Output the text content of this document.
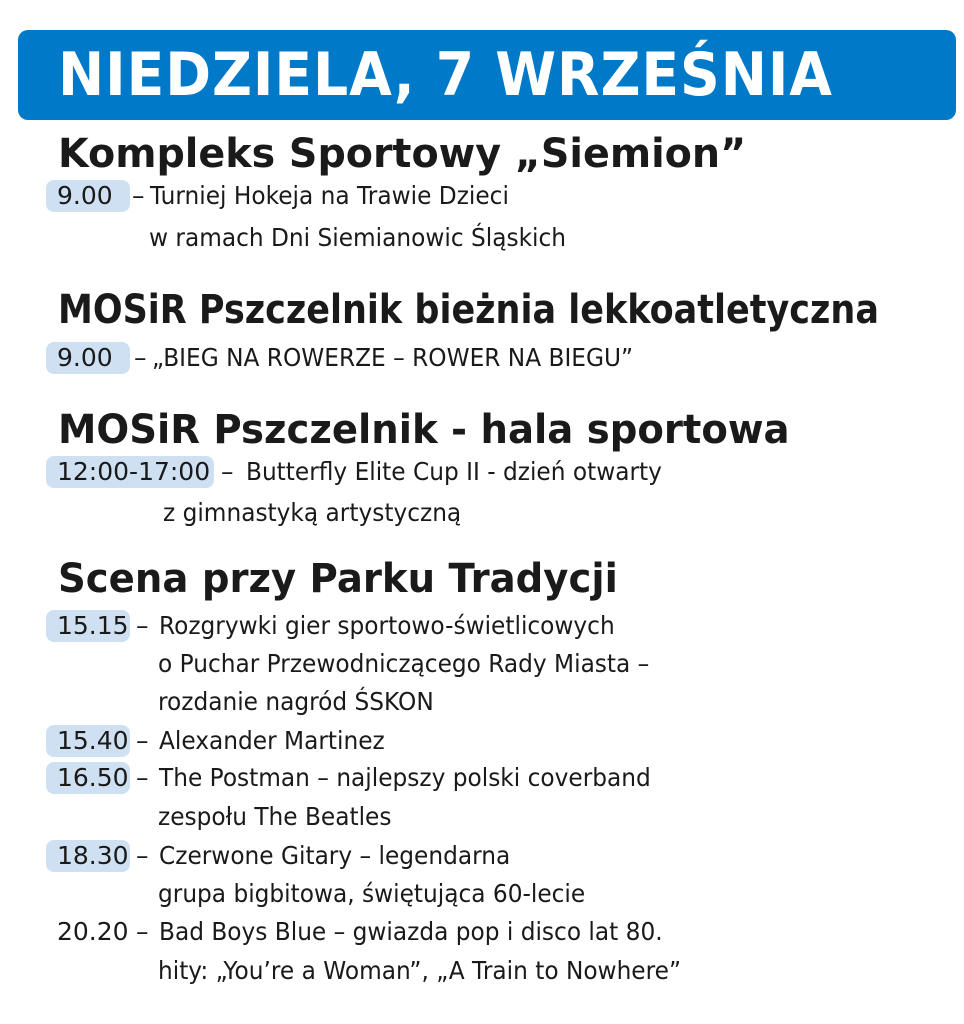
NIEDZIELA, 7 WRZEŚNIA
Kompleks Sportowy „Siemion”
9.00 – Turniej Hokeja na Trawie Dzieci
w ramach Dni Siemianowic Śląskich
MOSiR Pszczelnik bieżnia lekkoatletyczna
9.00 – „BIEG NA ROWERZE – ROWER NA BIEGU”
MOSiR Pszczelnik - hala sportowa
12:00-17:00 – Butterfly Elite Cup II - dzień otwarty
z gimnastyką artystyczną
Scena przy Parku Tradycji
15.15 – Rozgrywki gier sportowo-świetlicowych
o Puchar Przewodniczącego Rady Miasta –
rozdanie nagród ŚSKON
15.40 – Alexander Martinez
16.50 – The Postman – najlepszy polski coverband
zespołu The Beatles
18.30 – Czerwone Gitary – legendarna
grupa bigbitowa, świętująca 60-lecie
20.20 – Bad Boys Blue – gwiazda pop i disco lat 80.
hity: „You’re a Woman”, „A Train to Nowhere”
